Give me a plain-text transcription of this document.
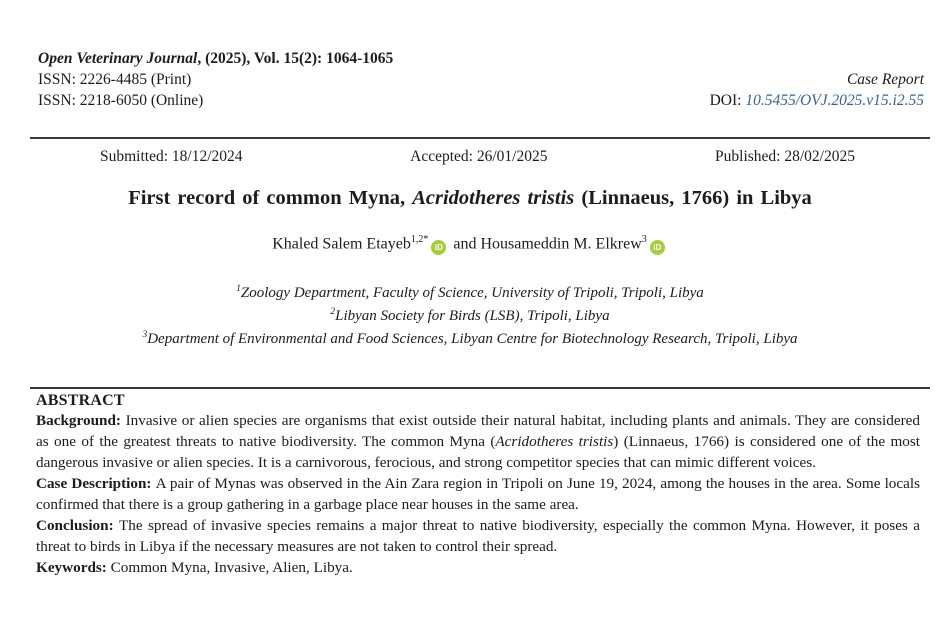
Open Veterinary Journal, (2025), Vol. 15(2): 1064-1065
ISSN: 2226-4485 (Print)
ISSN: 2218-6050 (Online)
Case Report
DOI: 10.5455/OVJ.2025.v15.i2.55
Submitted: 18/12/2024	Accepted: 26/01/2025	Published: 28/02/2025
First record of common Myna, Acridotheres tristis (Linnaeus, 1766) in Libya
Khaled Salem Etayeb$^{1,2*}$
iD and Housameddin M. Elkrew$^3$
iD
$^1$Zoology Department, Faculty of Science, University of Tripoli, Tripoli, Libya
$^2$Libyan Society for Birds (LSB), Tripoli, Libya
$^3$Department of Environmental and Food Sciences, Libyan Centre for Biotechnology Research, Tripoli, Libya
ABSTRACT

Background: Invasive or alien species are organisms that exist outside their natural habitat, including plants and animals. They are considered as one of the greatest threats to native biodiversity. The common Myna (Acridotheres tristis) (Linnaeus, 1766) is considered one of the most dangerous invasive or alien species. It is a carnivorous, ferocious, and strong competitor species that can mimic different voices.

Case Description: A pair of Mynas was observed in the Ain Zara region in Tripoli on June 19, 2024, among the houses in the area. Some locals confirmed that there is a group gathering in a garbage place near houses in the same area.

Conclusion: The spread of invasive species remains a major threat to native biodiversity, especially the common Myna. However, it poses a threat to birds in Libya if the necessary measures are not taken to control their spread.

Keywords: Common Myna, Invasive, Alien, Libya.
